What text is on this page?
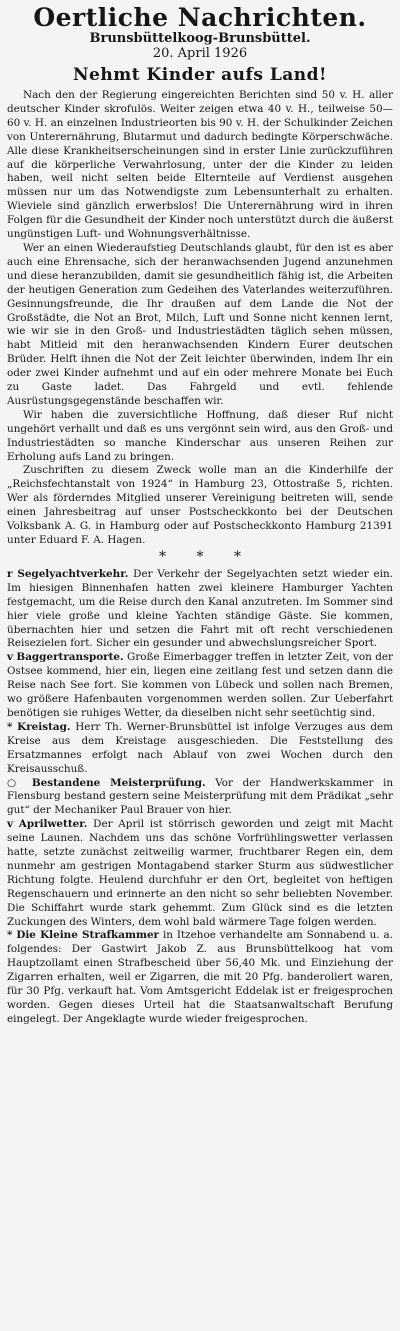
Oertliche Nachrichten.
Brunsbüttelkoog-Brunsbüttel.
20. April 1926
Nehmt Kinder aufs Land!

Nach den der Regierung eingereichten Berichten sind 50 v. H. aller deutscher Kinder skrofulös. Weiter zeigen etwa 40 v. H., teilweise 50—60 v. H. an einzelnen Industrieorten bis 90 v. H. der Schulkinder Zeichen von Unterernährung, Blutarmut und dadurch bedingte Körperschwäche. Alle diese Krankheitserscheinungen sind in erster Linie zurückzuführen auf die körperliche Verwahrlosung, unter der die Kinder zu leiden haben, weil nicht selten beide Elternteile auf Verdienst ausgehen müssen nur um das Notwendigste zum Lebensunterhalt zu erhalten. Wieviele sind gänzlich erwerbslos! Die Unterernährung wird in ihren Folgen für die Gesundheit der Kinder noch unterstützt durch die äußerst ungünstigen Luft- und Wohnungsverhältnisse.

Wer an einen Wiederaufstieg Deutschlands glaubt, für den ist es aber auch eine Ehrensache, sich der heranwachsenden Jugend anzunehmen und diese heranzubilden, damit sie gesundheitlich fähig ist, die Arbeiten der heutigen Generation zum Gedeihen des Vaterlandes weiterzuführen. Gesinnungsfreunde, die Ihr draußen auf dem Lande die Not der Großstädte, die Not an Brot, Milch, Luft und Sonne nicht kennen lernt, wie wir sie in den Groß- und Industriestädten täglich sehen müssen, habt Mitleid mit den heranwachsenden Kindern Eurer deutschen Brüder. Helft ihnen die Not der Zeit leichter überwinden, indem Ihr ein oder zwei Kinder aufnehmt und auf ein oder mehrere Monate bei Euch zu Gaste ladet. Das Fahrgeld und evtl. fehlende Ausrüstungsgegenstände beschaffen wir.

Wir haben die zuversichtliche Hoffnung, daß dieser Ruf nicht ungehört verhallt und daß es uns vergönnt sein wird, aus den Groß- und Industriestädten so manche Kinderschar aus unseren Reihen zur Erholung aufs Land zu bringen.

Zuschriften zu diesem Zweck wolle man an die Kinderhilfe der „Reichsfechtanstalt von 1924“ in Hamburg 23, Ottostraße 5, richten. Wer als förderndes Mitglied unserer Vereinigung beitreten will, sende einen Jahresbeitrag auf unser Postscheckkonto bei der Deutschen Volksbank A. G. in Hamburg oder auf Postscheckkonto Hamburg 21391 unter Eduard F. A. Hagen.

* * *

r Segelyachtverkehr. Der Verkehr der Segelyachten setzt wieder ein. Im hiesigen Binnenhafen hatten zwei kleinere Hamburger Yachten festgemacht, um die Reise durch den Kanal anzutreten. Im Sommer sind hier viele große und kleine Yachten ständige Gäste. Sie kommen, übernachten hier und setzen die Fahrt mit oft recht verschiedenen Reisezielen fort. Sicher ein gesunder und abwechslungsreicher Sport.

v Baggertransporte. Große Eimerbagger treffen in letzter Zeit, von der Ostsee kommend, hier ein, liegen eine zeitlang fest und setzen dann die Reise nach See fort. Sie kommen von Lübeck und sollen nach Bremen, wo größere Hafenbauten vorgenommen werden sollen. Zur Ueberfahrt benötigen sie ruhiges Wetter, da dieselben nicht sehr seetüchtig sind.

* Kreistag. Herr Th. Werner-Brunsbüttel ist infolge Verzuges aus dem Kreise aus dem Kreistage ausgeschieden. Die Feststellung des Ersatzmannes erfolgt nach Ablauf von zwei Wochen durch den Kreisausschuß.

○ Bestandene Meisterprüfung. Vor der Handwerkskammer in Flensburg bestand gestern seine Meisterprüfung mit dem Prädikat „sehr gut“ der Mechaniker Paul Brauer von hier.

v Aprilwetter. Der April ist störrisch geworden und zeigt mit Macht seine Launen. Nachdem uns das schöne Vorfrühlingswetter verlassen hatte, setzte zunächst zeitweilig warmer, fruchtbarer Regen ein, dem nunmehr am gestrigen Montagabend starker Sturm aus südwestlicher Richtung folgte. Heulend durchfuhr er den Ort, begleitet von heftigen Regenschauern und erinnerte an den nicht so sehr beliebten November. Die Schiffahrt wurde stark gehemmt. Zum Glück sind es die letzten Zuckungen des Winters, dem wohl bald wärmere Tage folgen werden.

* Die Kleine Strafkammer in Itzehoe verhandelte am Sonnabend u. a. folgendes: Der Gastwirt Jakob Z. aus Brunsbüttelkoog hat vom Hauptzollamt einen Strafbescheid über 56,40 Mk. und Einziehung der Zigarren erhalten, weil er Zigarren, die mit 20 Pfg. banderoliert waren, für 30 Pfg. verkauft hat. Vom Amtsgericht Eddelak ist er freigesprochen worden. Gegen dieses Urteil hat die Staatsanwaltschaft Berufung eingelegt. Der Angeklagte wurde wieder freigesprochen.
